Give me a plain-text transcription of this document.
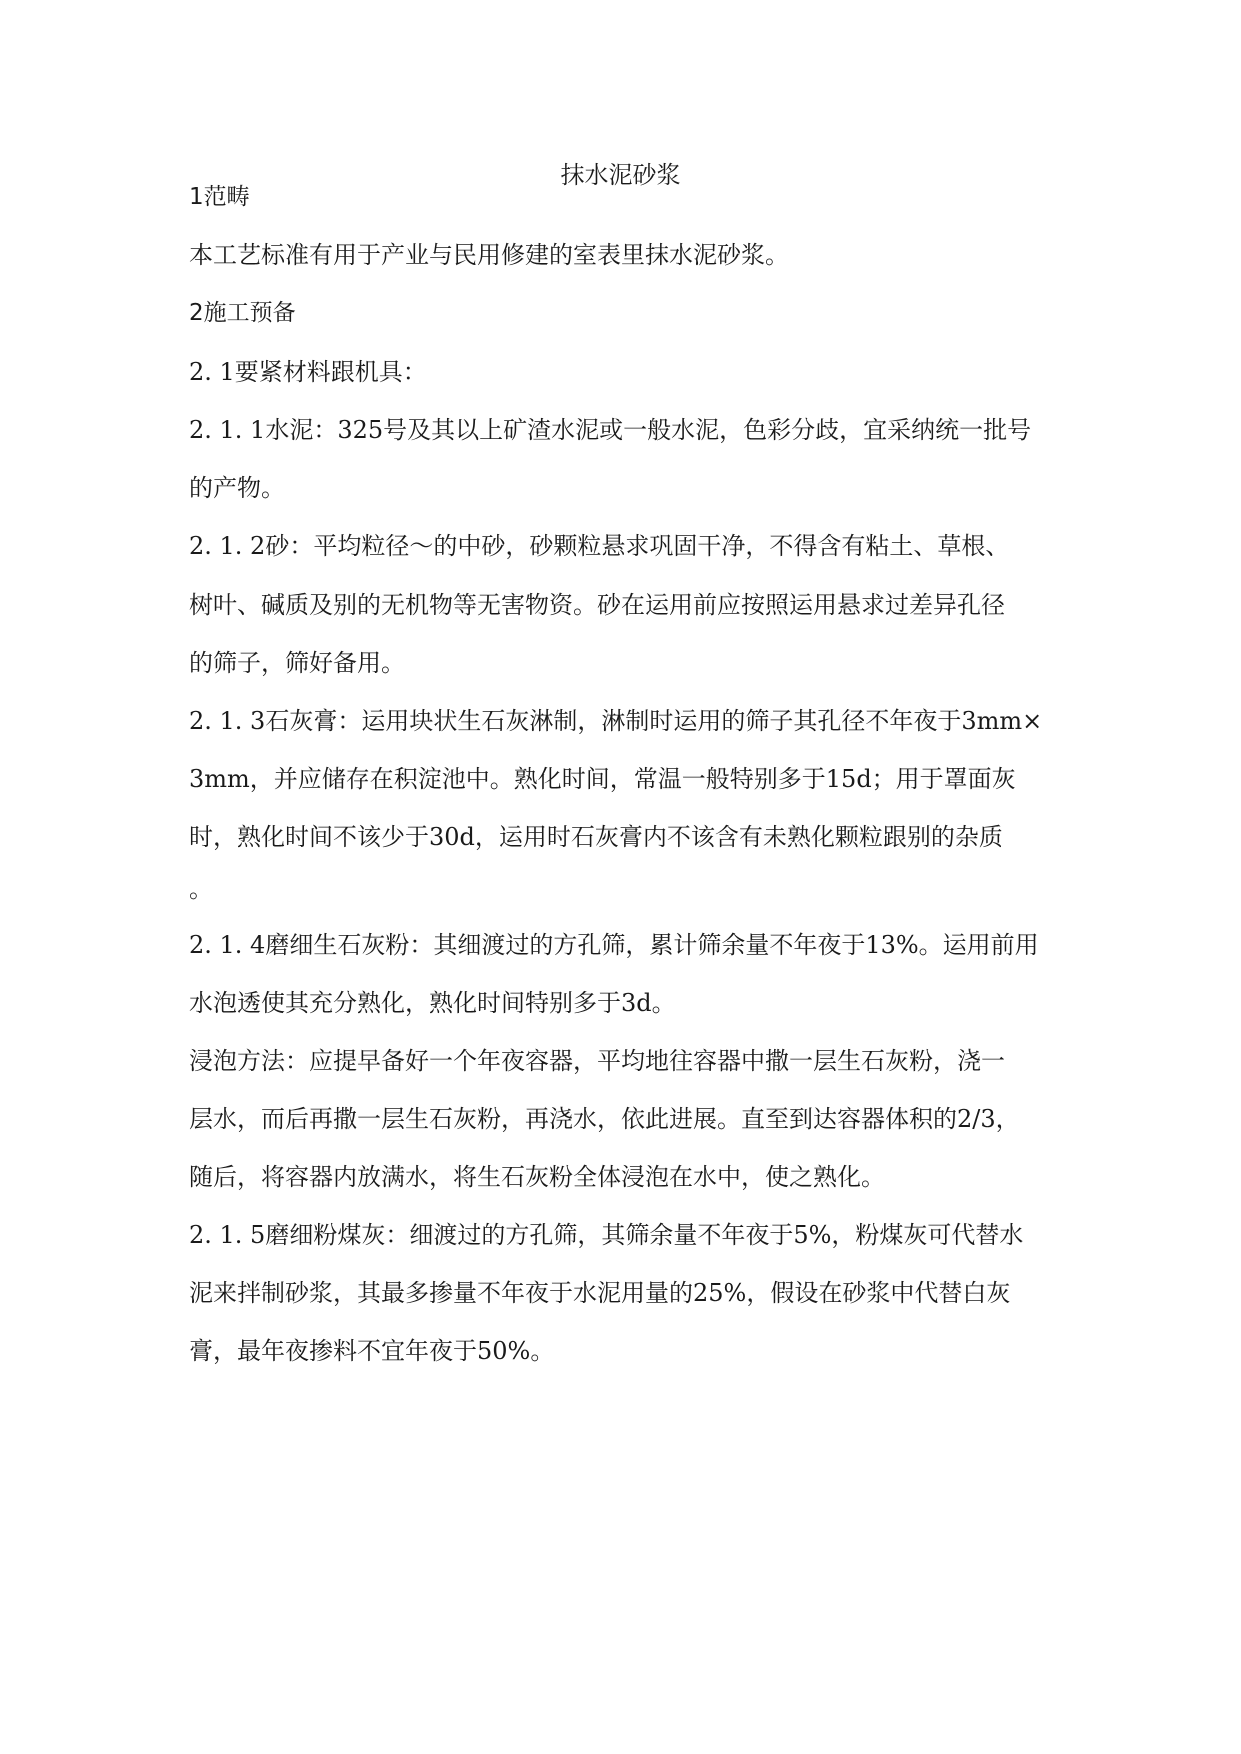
抹水泥砂浆
1范畴
本工艺标准有用于产业与民用修建的室表里抹水泥砂浆。
2施工预备
2. 1要紧材料跟机具：
2. 1. 1水泥：325号及其以上矿渣水泥或一般水泥，色彩分歧，宜采纳统一批号
的产物。
2. 1. 2砂：平均粒径～的中砂，砂颗粒悬求巩固干净，不得含有粘土、草根、
树叶、碱质及别的无机物等无害物资。砂在运用前应按照运用悬求过差异孔径
的筛子，筛好备用。
2. 1. 3石灰膏：运用块状生石灰淋制，淋制时运用的筛子其孔径不年夜于3mm×
3mm，并应储存在积淀池中。熟化时间，常温一般特别多于15d；用于罩面灰
时，熟化时间不该少于30d，运用时石灰膏内不该含有未熟化颗粒跟别的杂质
。
2. 1. 4磨细生石灰粉：其细渡过的方孔筛，累计筛余量不年夜于13%。运用前用
水泡透使其充分熟化，熟化时间特别多于3d。
浸泡方法：应提早备好一个年夜容器，平均地往容器中撒一层生石灰粉，浇一
层水，而后再撒一层生石灰粉，再浇水，依此进展。直至到达容器体积的2/3，
随后，将容器内放满水，将生石灰粉全体浸泡在水中，使之熟化。
2. 1. 5磨细粉煤灰：细渡过的方孔筛，其筛余量不年夜于5%，粉煤灰可代替水
泥来拌制砂浆，其最多掺量不年夜于水泥用量的25%，假设在砂浆中代替白灰
膏，最年夜掺料不宜年夜于50%。
